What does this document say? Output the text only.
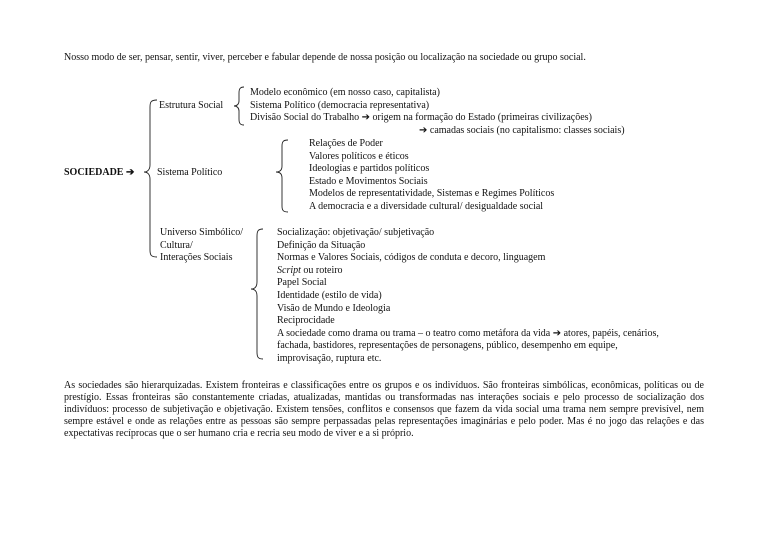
Nosso modo de ser, pensar, sentir, viver, perceber e fabular depende de nossa posição ou localização na sociedade ou grupo social.
SOCIEDADE ➔
Estrutura Social
Sistema Político
Universo Simbólico/
Cultura/
Interações Sociais
Modelo econômico (em nosso caso, capitalista)
Sistema Político (democracia representativa)
Divisão Social do Trabalho ➔ origem na formação do Estado (primeiras civilizações)
➔ camadas sociais (no capitalismo: classes sociais)
Relações de Poder
Valores políticos e éticos
Ideologias e partidos políticos
Estado e Movimentos Sociais
Modelos de representatividade, Sistemas e Regimes Políticos
A democracia e a diversidade cultural/ desigualdade social
Socialização: objetivação/ subjetivação
Definição da Situação
Normas e Valores Sociais, códigos de conduta e decoro, linguagem
Script ou roteiro
Papel Social
Identidade (estilo de vida)
Visão de Mundo e Ideologia
Reciprocidade
A sociedade como drama ou trama – o teatro como metáfora da vida ➔ atores, papéis, cenários,
fachada, bastidores, representações de personagens, público, desempenho em equipe,
improvisação, ruptura etc.
As sociedades são hierarquizadas. Existem fronteiras e classificações entre os grupos e os indivíduos. São fronteiras simbólicas, econômicas, políticas ou de prestígio. Essas fronteiras são constantemente criadas, atualizadas, mantidas ou transformadas nas interações sociais e pelo processo de socialização dos indivíduos: processo de subjetivação e objetivação. Existem tensões, conflitos e consensos que fazem da vida social uma trama nem sempre previsível, nem sempre estável e onde as relações entre as pessoas são sempre perpassadas pelas representações imaginárias e pelo poder. Mas é no jogo das relações e das expectativas recíprocas que o ser humano cria e recria seu modo de viver e a si próprio.
